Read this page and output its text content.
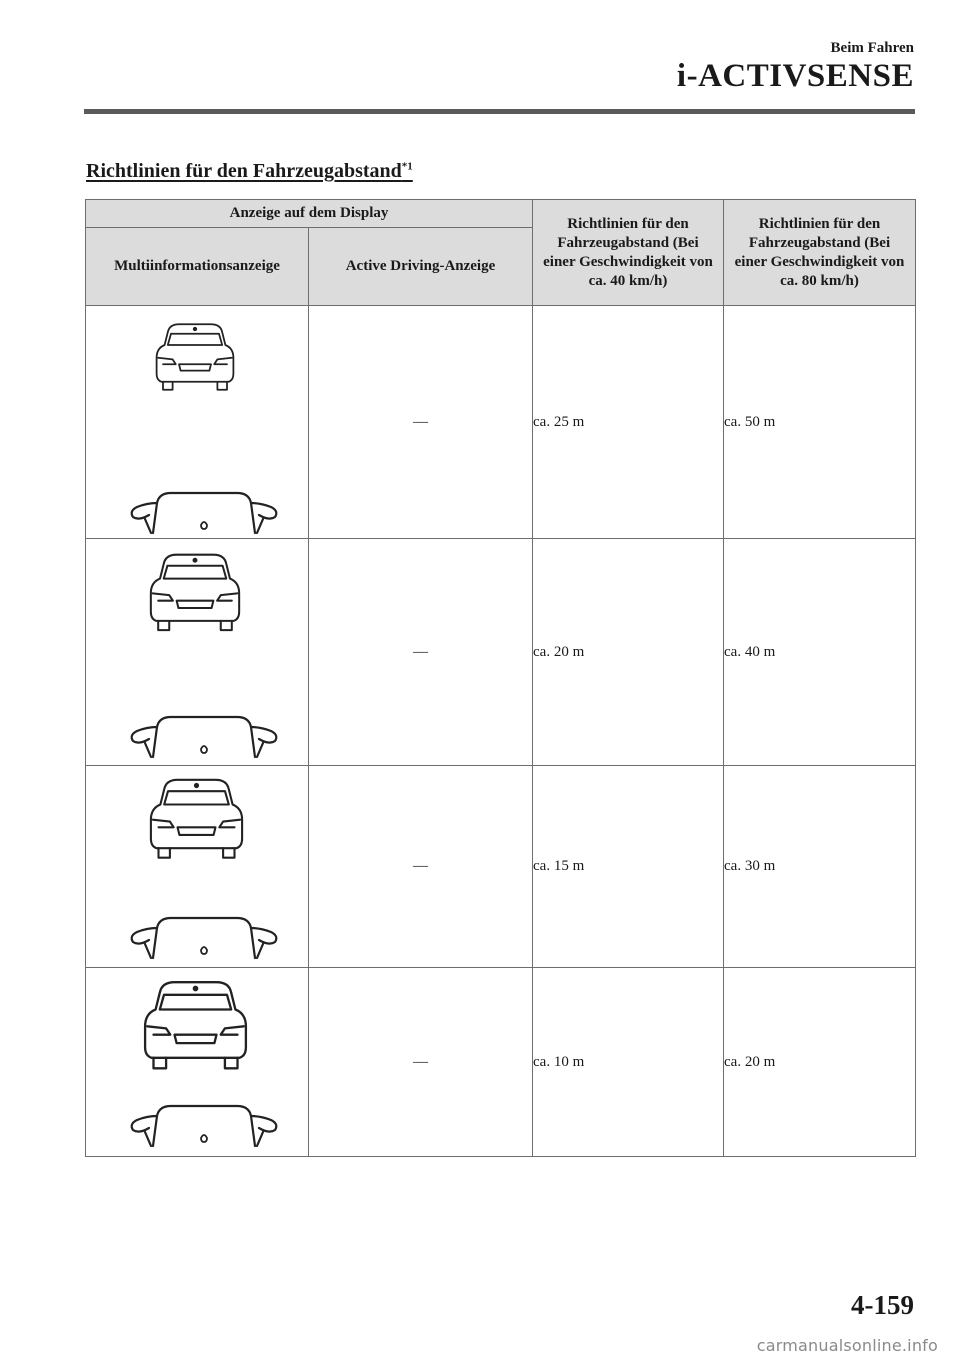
Beim Fahren
i-ACTIVSENSE
Richtlinien für den Fahrzeugabstand$^{*1}$
Anzeige auf dem Display		Richtlinien für den Fahrzeugabstand (Bei einer Geschwindigkeit von ca. 40 km/h)	Richtlinien für den Fahrzeugabstand (Bei einer Geschwindigkeit von ca. 80 km/h)
Multiinformationsanzeige	Active Driving-Anzeige		

	—	ca. 25 m	ca. 50 m

	—	ca. 20 m	ca. 40 m

	—	ca. 15 m	ca. 30 m

	—	ca. 10 m	ca. 20 m
4-159
carmanualsonline.info
